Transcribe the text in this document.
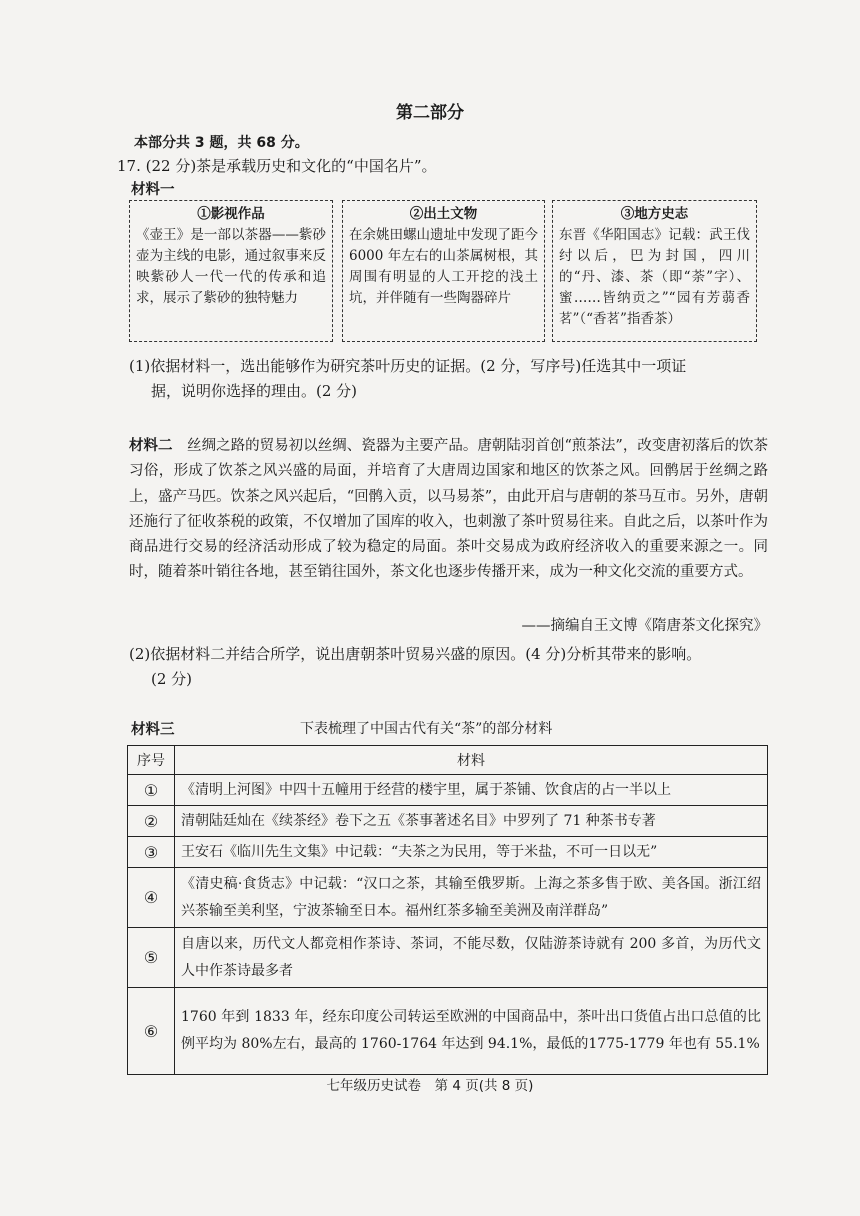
第二部分
本部分共 3 题，共 68 分。
17. (22 分)茶是承载历史和文化的“中国名片”。
材料一
①影视作品
《壶王》是一部以茶器——紫砂壶为主线的电影，通过叙事来反映紫砂人一代一代的传承和追求，展示了紫砂的独特魅力
②出土文物
在余姚田螺山遗址中发现了距今 6000 年左右的山茶属树根，其周围有明显的人工开挖的浅土坑，并伴随有一些陶器碎片
③地方史志
东晋《华阳国志》记载：武王伐纣以后，巴为封国，四川的“丹、漆、茶（即“荼”字）、蜜……皆纳贡之”“园有芳蒻香茗”（“香茗”指香茶）
(1)依据材料一，选出能够作为研究茶叶历史的证据。(2 分，写序号)任选其中一项证
据，说明你选择的理由。(2 分)
材料二  丝绸之路的贸易初以丝绸、瓷器为主要产品。唐朝陆羽首创“煎茶法”，改变唐初落后的饮茶习俗，形成了饮茶之风兴盛的局面，并培育了大唐周边国家和地区的饮茶之风。回鹘居于丝绸之路上，盛产马匹。饮茶之风兴起后，“回鹘入贡，以马易茶”，由此开启与唐朝的茶马互市。另外，唐朝还施行了征收茶税的政策，不仅增加了国库的收入，也刺激了茶叶贸易往来。自此之后，以茶叶作为商品进行交易的经济活动形成了较为稳定的局面。茶叶交易成为政府经济收入的重要来源之一。同时，随着茶叶销往各地，甚至销往国外，茶文化也逐步传播开来，成为一种文化交流的重要方式。
——摘编自王文博《隋唐茶文化探究》
(2)依据材料二并结合所学，说出唐朝茶叶贸易兴盛的原因。(4 分)分析其带来的影响。
(2 分)
材料三	下表梳理了中国古代有关“茶”的部分材料
序号	材料
①	《清明上河图》中四十五幢用于经营的楼宇里，属于茶铺、饮食店的占一半以上
②	清朝陆廷灿在《续茶经》卷下之五《茶事著述名目》中罗列了 71 种茶书专著
③	王安石《临川先生文集》中记载：“夫茶之为民用，等于米盐，不可一日以无”
④	《清史稿·食货志》中记载：“汉口之茶，其输至俄罗斯。上海之茶多售于欧、美各国。浙江绍兴茶输至美利坚，宁波茶输至日本。福州红茶多输至美洲及南洋群岛”
⑤	自唐以来，历代文人都竞相作茶诗、茶词，不能尽数，仅陆游茶诗就有 200 多首，为历代文人中作茶诗最多者
⑥	1760 年到 1833 年，经东印度公司转运至欧洲的中国商品中，茶叶出口货值占出口总值的比例平均为 80%左右，最高的 1760-1764 年达到 94.1%，最低的1775-1779 年也有 55.1%
七年级历史试卷　第 4 页(共 8 页)
